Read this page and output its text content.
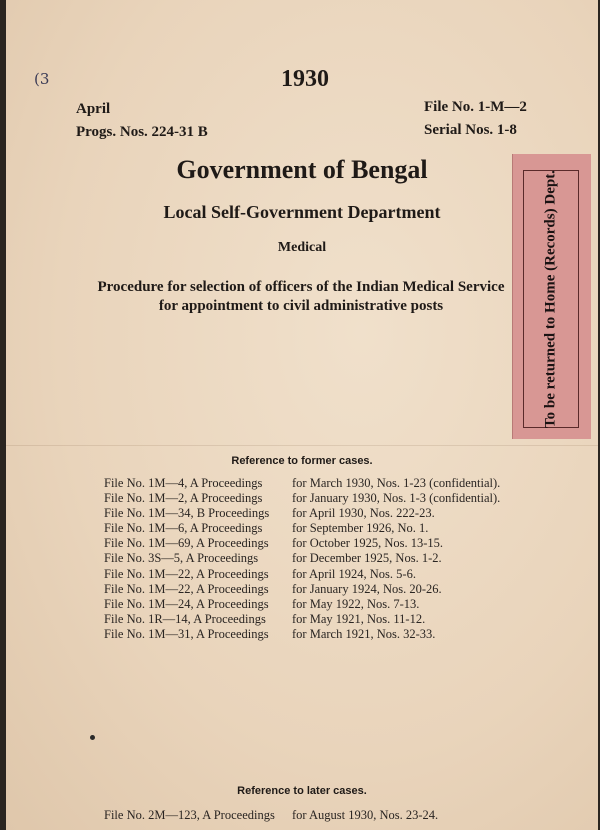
(3	1930
April
Progs. Nos. 224-31 B
File No. 1-M—2
Serial Nos. 1-8
Government of Bengal
Local Self-Government Department
Medical
Procedure for selection of officers of the Indian Medical Service
for appointment to civil administrative posts	To be returned to Home (Records) Dept.
Reference to former cases.
File No. 1M—4, A Proceedings	for March 1930, Nos. 1-23 (confidential).
File No. 1M—2, A Proceedings	for January 1930, Nos. 1-3 (confidential).
File No. 1M—34, B Proceedings	for April 1930, Nos. 222-23.
File No. 1M—6, A Proceedings	for September 1926, No. 1.
File No. 1M—69, A Proceedings	for October 1925, Nos. 13-15.
File No. 3S—5, A Proceedings	for December 1925, Nos. 1-2.
File No. 1M—22, A Proceedings	for April 1924, Nos. 5-6.
File No. 1M—22, A Proceedings	for January 1924, Nos. 20-26.
File No. 1M—24, A Proceedings	for May 1922, Nos. 7-13.
File No. 1R—14, A Proceedings	for May 1921, Nos. 11-12.
File No. 1M—31, A Proceedings	for March 1921, Nos. 32-33.
Reference to later cases.
File No. 2M—123, A Proceedings	for August 1930, Nos. 23-24.
